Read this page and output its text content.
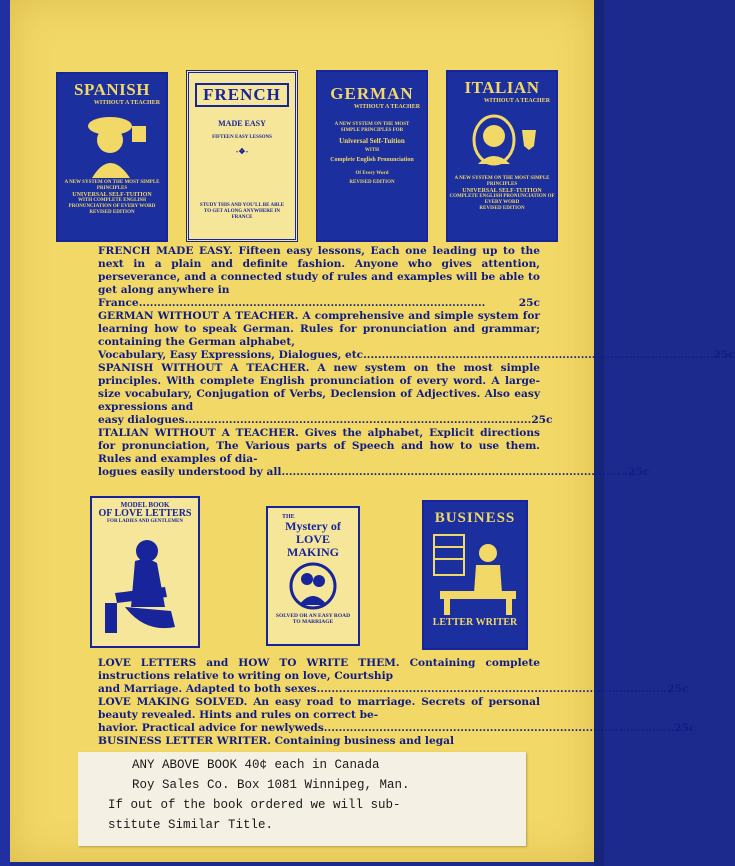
SPANISH
WITHOUT A TEACHER
A NEW SYSTEM ON THE MOST SIMPLE PRINCIPLES
UNIVERSAL SELF-TUITION
WITH COMPLETE ENGLISH PRONUNCIATION OF EVERY WORD
REVISED EDITION
FRENCH
MADE EASY
FIFTEEN EASY LESSONS
-❖-
STUDY THIS AND YOU'LL BE ABLE TO GET ALONG ANYWHERE IN FRANCE
GERMAN
WITHOUT A TEACHER
A NEW SYSTEM ON THE MOST SIMPLE PRINCIPLES FOR
Universal Self-Tuition
WITH
Complete English Pronunciation
Of Every Word
REVISED EDITION
ITALIAN
WITHOUT A TEACHER
A NEW SYSTEM ON THE MOST SIMPLE PRINCIPLES
UNIVERSAL SELF-TUITION
COMPLETE ENGLISH PRONUNCIATION OF EVERY WORD
REVISED EDITION

FRENCH MADE EASY. Fifteen easy lessons, Each one leading up to the next in a plain and definite fashion. Anyone who gives attention, perseverance, and a connected study of rules and examples will be able to get along anywhere in

France ..............................................................................................	25c

GERMAN WITHOUT A TEACHER. A comprehensive and simple system for learning how to speak German. Rules for pronunciation and grammar; containing the German alphabet,

Vocabulary, Easy Expressions, Dialogues, etc. .............................................................................................. 25c

SPANISH WITHOUT A TEACHER. A new system on the most simple principles. With complete English pronunciation of every word. A large-size vocabulary, Conjugation of Verbs, Declension of Adjectives. Also easy expressions and

easy dialogues .............................................................................................. 25c

ITALIAN WITHOUT A TEACHER. Gives the alphabet, Explicit directions for pronunciation, The Various parts of Speech and how to use them. Rules and examples of dia-

logues easily understood by all .............................................................................................. 25c
MODEL BOOK
OF LOVE LETTERS
FOR LADIES AND GENTLEMEN
THE
Mystery of LOVE MAKING
SOLVED OR AN EASY ROAD TO MARRIAGE
BUSINESS
LETTER WRITER

LOVE LETTERS and HOW TO WRITE THEM. Containing complete instructions relative to writing on love, Courtship

and Marriage. Adapted to both sexes. .............................................................................................. 25c

LOVE MAKING SOLVED. An easy road to marriage. Secrets of personal beauty revealed. Hints and rules on correct be-

havior. Practical advice for newlyweds. .............................................................................................. 25c

BUSINESS LETTER WRITER. Containing business and legal

ANY ABOVE BOOK 40¢ each in Canada
Roy Sales Co. Box 1081 Winnipeg, Man.
If out of the book ordered we will sub-
stitute Similar Title.
